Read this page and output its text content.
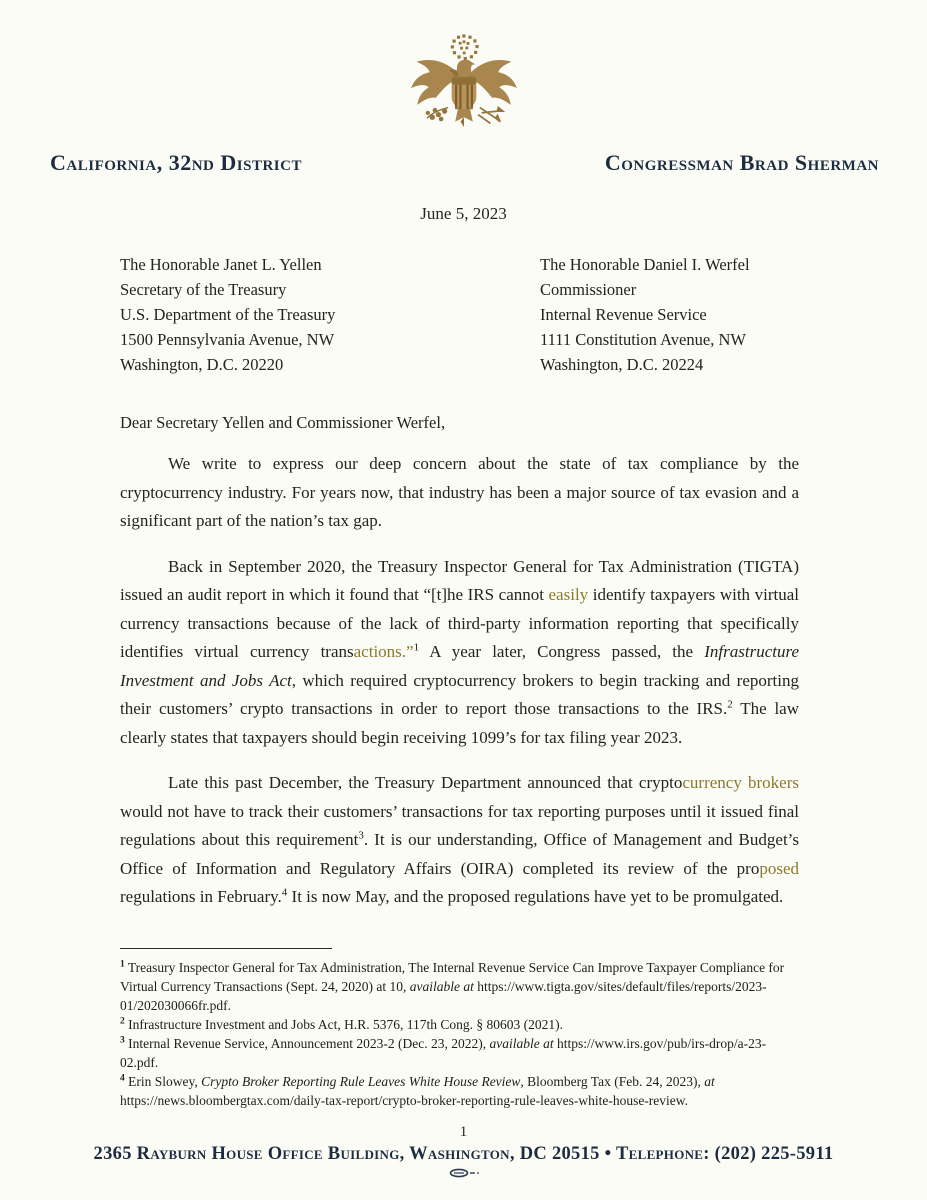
California, 32nd District	Congressman Brad Sherman
June 5, 2023
The Honorable Janet L. Yellen
Secretary of the Treasury
U.S. Department of the Treasury
1500 Pennsylvania Avenue, NW
Washington, D.C. 20220
The Honorable Daniel I. Werfel
Commissioner
Internal Revenue Service
1111 Constitution Avenue, NW
Washington, D.C. 20224
Dear Secretary Yellen and Commissioner Werfel,

We write to express our deep concern about the state of tax compliance by the cryptocurrency industry. For years now, that industry has been a major source of tax evasion and a significant part of the nation’s tax gap.

Back in September 2020, the Treasury Inspector General for Tax Administration (TIGTA) issued an audit report in which it found that “[t]he IRS cannot easily identify taxpayers with virtual currency transactions because of the lack of third-party information reporting that specifically identifies virtual currency transactions.”$^1$ A year later, Congress passed, the Infrastructure Investment and Jobs Act, which required cryptocurrency brokers to begin tracking and reporting their customers’ crypto transactions in order to report those transactions to the IRS.$^2$ The law clearly states that taxpayers should begin receiving 1099’s for tax filing year 2023.

Late this past December, the Treasury Department announced that cryptocurrency brokers would not have to track their customers’ transactions for tax reporting purposes until it issued final regulations about this requirement$^3$. It is our understanding, Office of Management and Budget’s Office of Information and Regulatory Affairs (OIRA) completed its review of the proposed regulations in February.$^4$ It is now May, and the proposed regulations have yet to be promulgated.

$^1$ Treasury Inspector General for Tax Administration, The Internal Revenue Service Can Improve Taxpayer Compliance for Virtual Currency Transactions (Sept. 24, 2020) at 10, available at https://www.tigta.gov/sites/default/files/reports/2023-01/202030066fr.pdf.

$^2$ Infrastructure Investment and Jobs Act, H.R. 5376, 117th Cong. § 80603 (2021).

$^3$ Internal Revenue Service, Announcement 2023-2 (Dec. 23, 2022), available at https://www.irs.gov/pub/irs-drop/a-23-02.pdf.

$^4$ Erin Slowey, Crypto Broker Reporting Rule Leaves White House Review, Bloomberg Tax (Feb. 24, 2023), at https://news.bloombergtax.com/daily-tax-report/crypto-broker-reporting-rule-leaves-white-house-review.

1
2365 Rayburn House Office Building, Washington, DC 20515 • Telephone: (202) 225-5911
